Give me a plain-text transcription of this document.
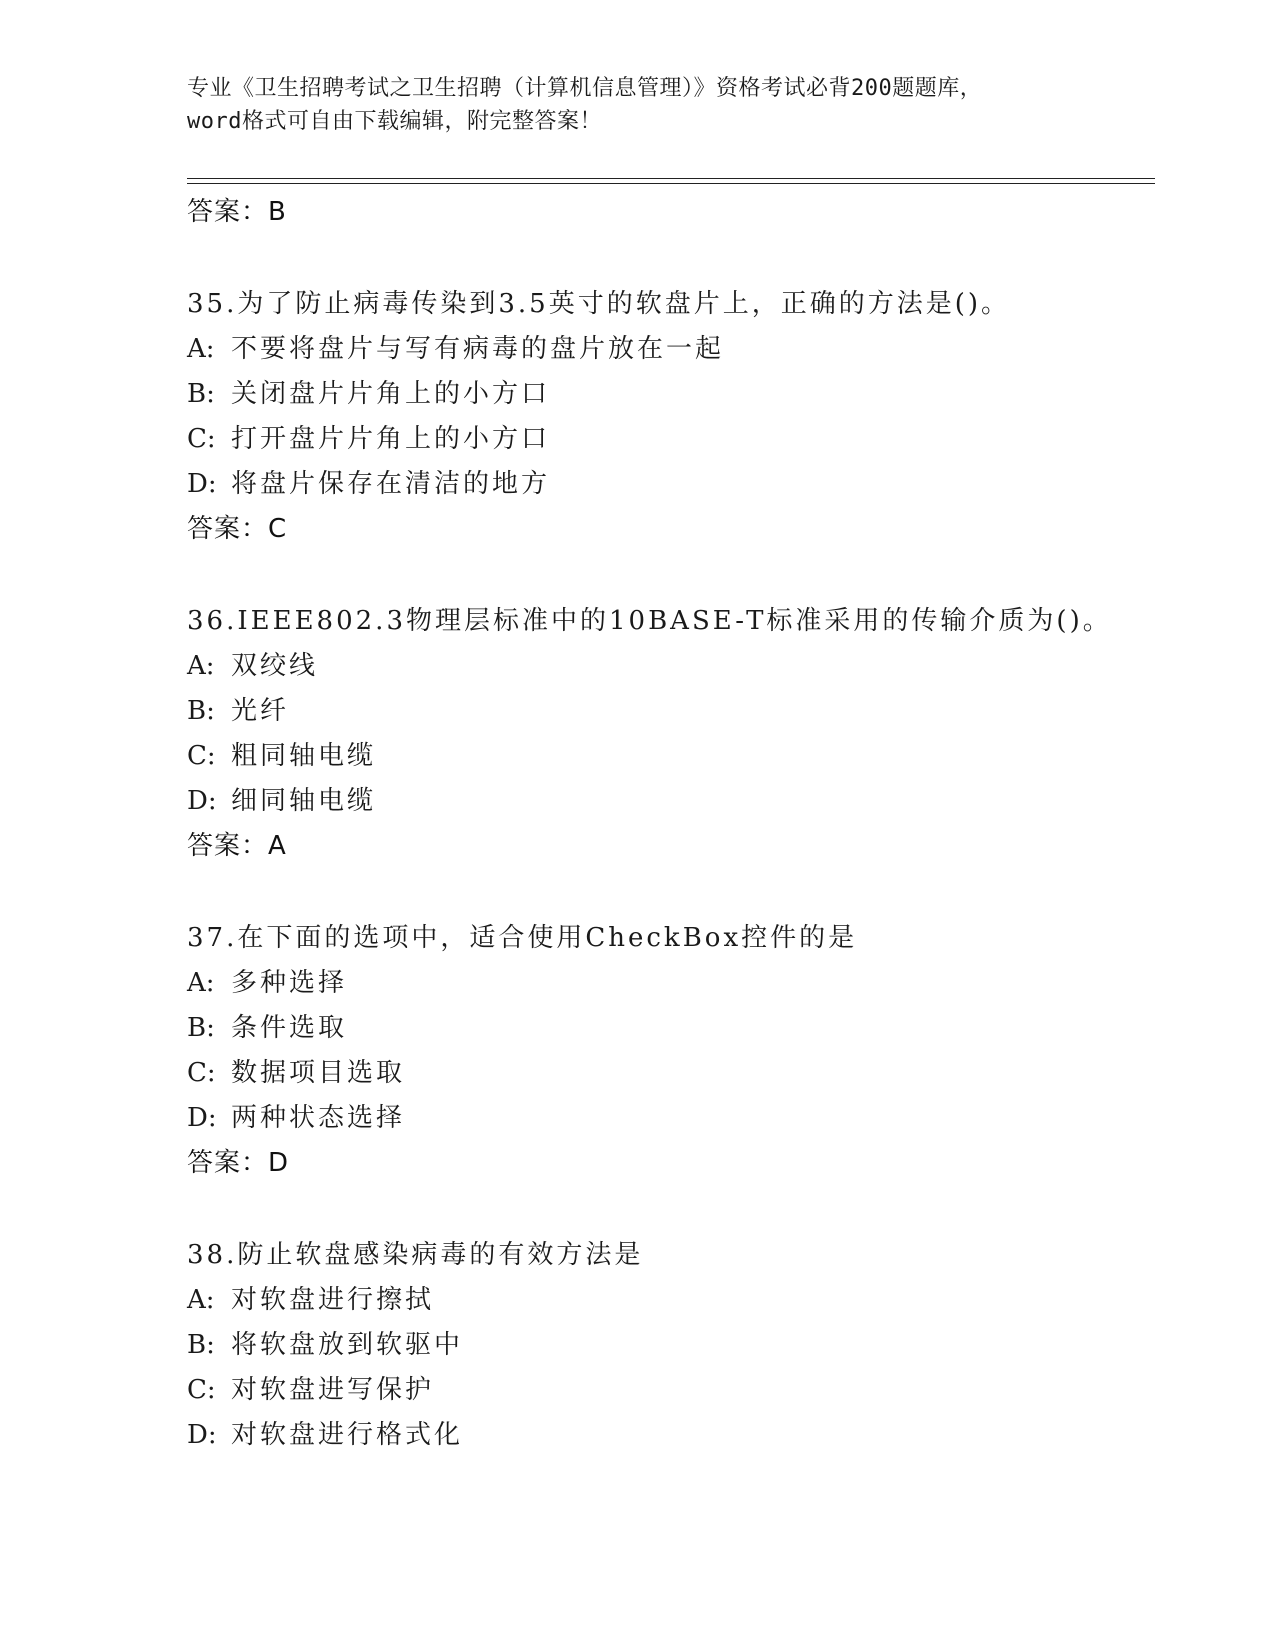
专业《卫生招聘考试之卫生招聘（计算机信息管理）》资格考试必背200题题库，
word格式可自由下载编辑，附完整答案！
答案：B
35.为了防止病毒传染到3.5英寸的软盘片上，正确的方法是()。
A: 不要将盘片与写有病毒的盘片放在一起
B: 关闭盘片片角上的小方口
C: 打开盘片片角上的小方口
D: 将盘片保存在清洁的地方
答案：C
36.IEEE802.3物理层标准中的10BASE-T标准采用的传输介质为()。
A: 双绞线
B: 光纤
C: 粗同轴电缆
D: 细同轴电缆
答案：A
37.在下面的选项中，适合使用CheckBox控件的是
A: 多种选择
B: 条件选取
C: 数据项目选取
D: 两种状态选择
答案：D
38.防止软盘感染病毒的有效方法是
A: 对软盘进行擦拭
B: 将软盘放到软驱中
C: 对软盘进写保护
D: 对软盘进行格式化
